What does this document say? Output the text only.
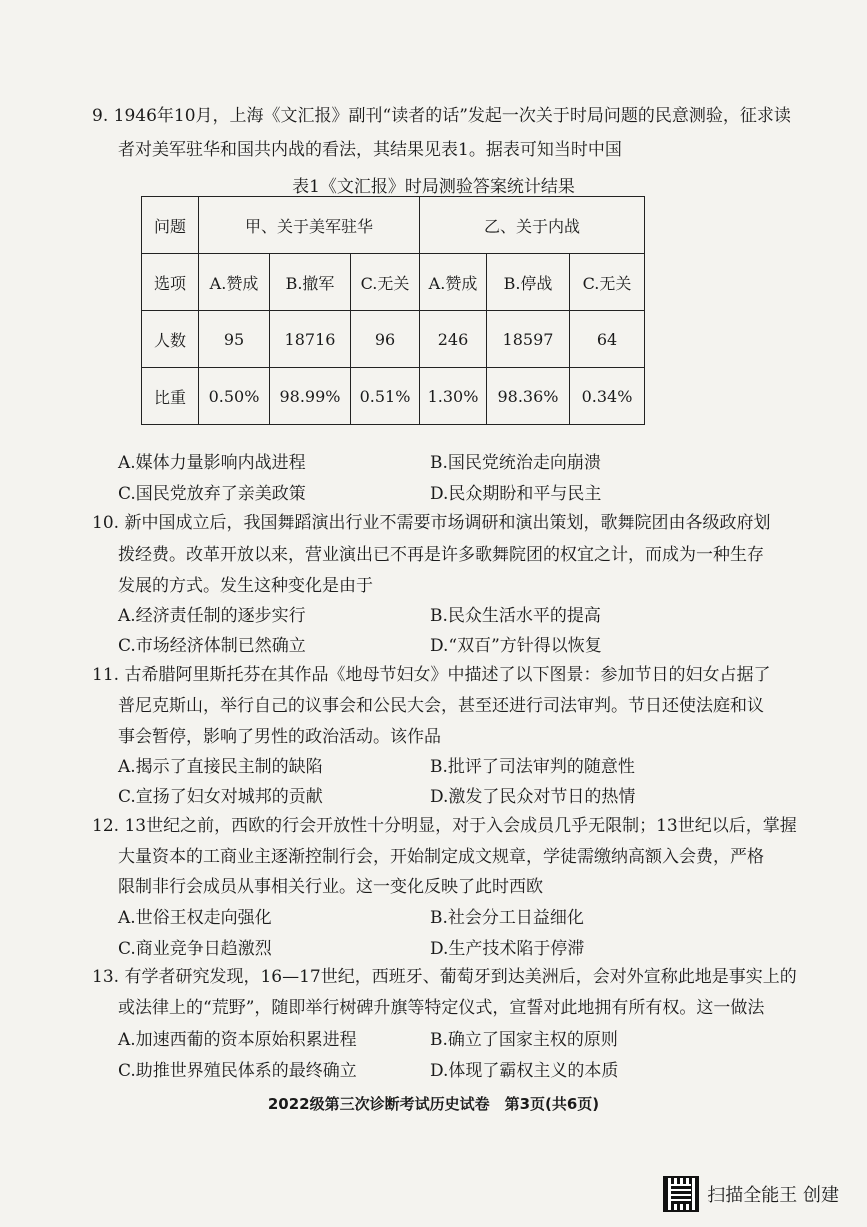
9. 1946年10月，上海《文汇报》副刊“读者的话”发起一次关于时局问题的民意测验，征求读
者对美军驻华和国共内战的看法，其结果见表1。据表可知当时中国
表1《文汇报》时局测验答案统计结果
问题	甲、关于美军驻华			乙、关于内战		
选项	A.赞成	B.撤军	C.无关	A.赞成	B.停战	C.无关
人数	95	18716	96	246	18597	64
比重	0.50%	98.99%	0.51%	1.30%	98.36%	0.34%
A.媒体力量影响内战进程	B.国民党统治走向崩溃
C.国民党放弃了亲美政策	D.民众期盼和平与民主
10. 新中国成立后，我国舞蹈演出行业不需要市场调研和演出策划，歌舞院团由各级政府划
拨经费。改革开放以来，营业演出已不再是许多歌舞院团的权宜之计，而成为一种生存
发展的方式。发生这种变化是由于
A.经济责任制的逐步实行	B.民众生活水平的提高
C.市场经济体制已然确立	D.“双百”方针得以恢复
11. 古希腊阿里斯托芬在其作品《地母节妇女》中描述了以下图景：参加节日的妇女占据了
普尼克斯山，举行自己的议事会和公民大会，甚至还进行司法审判。节日还使法庭和议
事会暂停，影响了男性的政治活动。该作品
A.揭示了直接民主制的缺陷	B.批评了司法审判的随意性
C.宣扬了妇女对城邦的贡献	D.激发了民众对节日的热情
12. 13世纪之前，西欧的行会开放性十分明显，对于入会成员几乎无限制；13世纪以后，掌握
大量资本的工商业主逐渐控制行会，开始制定成文规章，学徒需缴纳高额入会费，严格
限制非行会成员从事相关行业。这一变化反映了此时西欧
A.世俗王权走向强化	B.社会分工日益细化
C.商业竞争日趋激烈	D.生产技术陷于停滞
13. 有学者研究发现，16—17世纪，西班牙、葡萄牙到达美洲后，会对外宣称此地是事实上的
或法律上的“荒野”，随即举行树碑升旗等特定仪式，宣誓对此地拥有所有权。这一做法
A.加速西葡的资本原始积累进程	B.确立了国家主权的原则
C.助推世界殖民体系的最终确立	D.体现了霸权主义的本质
2022级第三次诊断考试历史试卷　第3页(共6页)
扫描全能王 创建
